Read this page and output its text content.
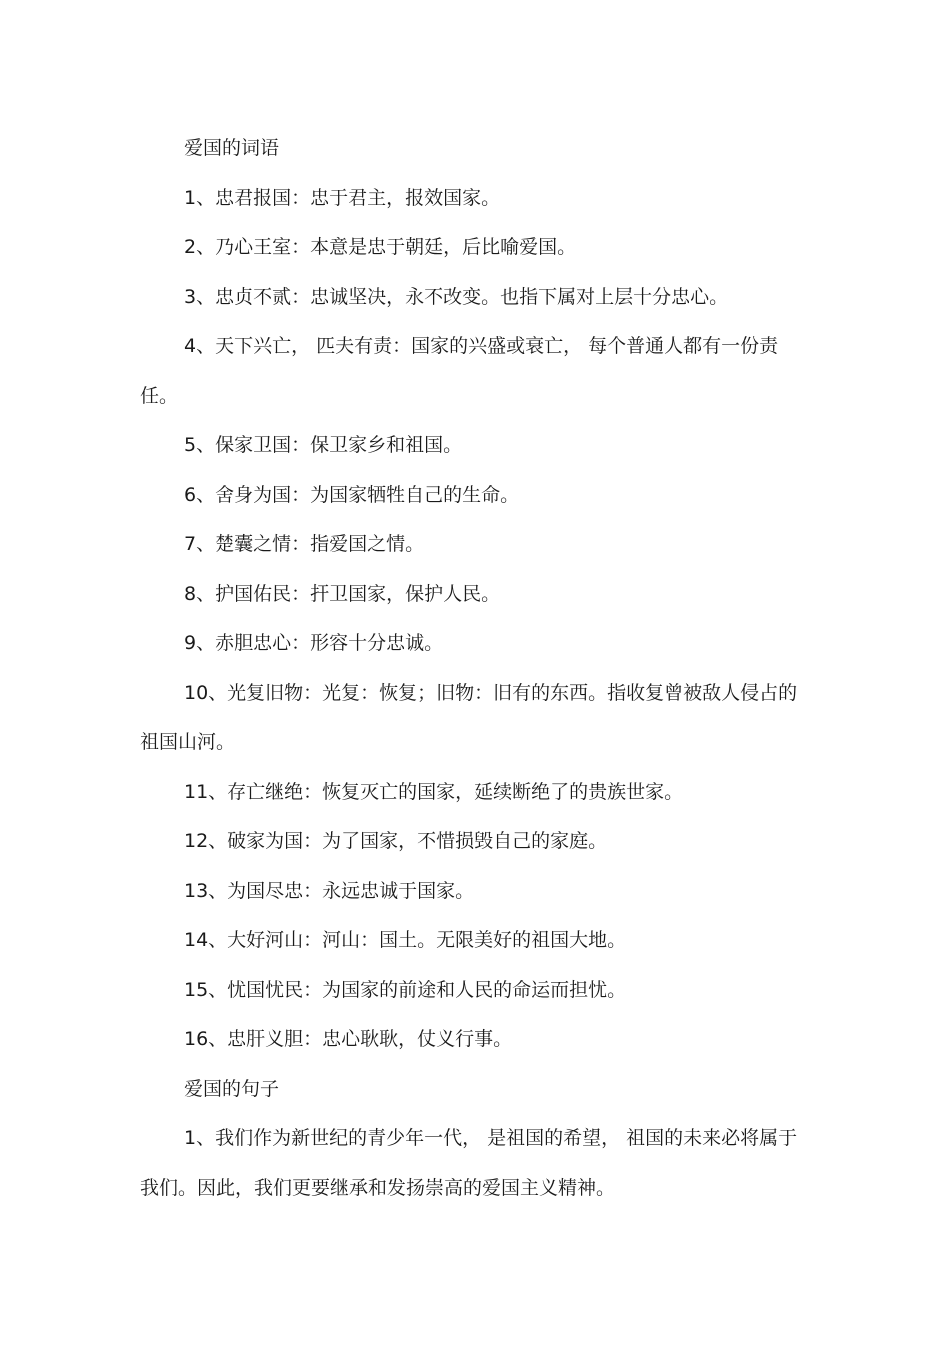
爱国的词语

1、忠君报国：忠于君主，报效国家。

2、乃心王室：本意是忠于朝廷，后比喻爱国。

3、忠贞不贰：忠诚坚决，永不改变。也指下属对上层十分忠心。

4、天下兴亡， 匹夫有责：国家的兴盛或衰亡， 每个普通人都有一份责任。

5、保家卫国：保卫家乡和祖国。

6、舍身为国：为国家牺牲自己的生命。

7、楚囊之情：指爱国之情。

8、护国佑民：扞卫国家，保护人民。

9、赤胆忠心：形容十分忠诚。

10、光复旧物：光复：恢复；旧物：旧有的东西。指收复曾被敌人侵占的祖国山河。

11、存亡继绝：恢复灭亡的国家，延续断绝了的贵族世家。

12、破家为国：为了国家，不惜损毁自己的家庭。

13、为国尽忠：永远忠诚于国家。

14、大好河山：河山：国土。无限美好的祖国大地。

15、忧国忧民：为国家的前途和人民的命运而担忧。

16、忠肝义胆：忠心耿耿，仗义行事。

爱国的句子

1、我们作为新世纪的青少年一代， 是祖国的希望， 祖国的未来必将属于我们。因此，我们更要继承和发扬崇高的爱国主义精神。
